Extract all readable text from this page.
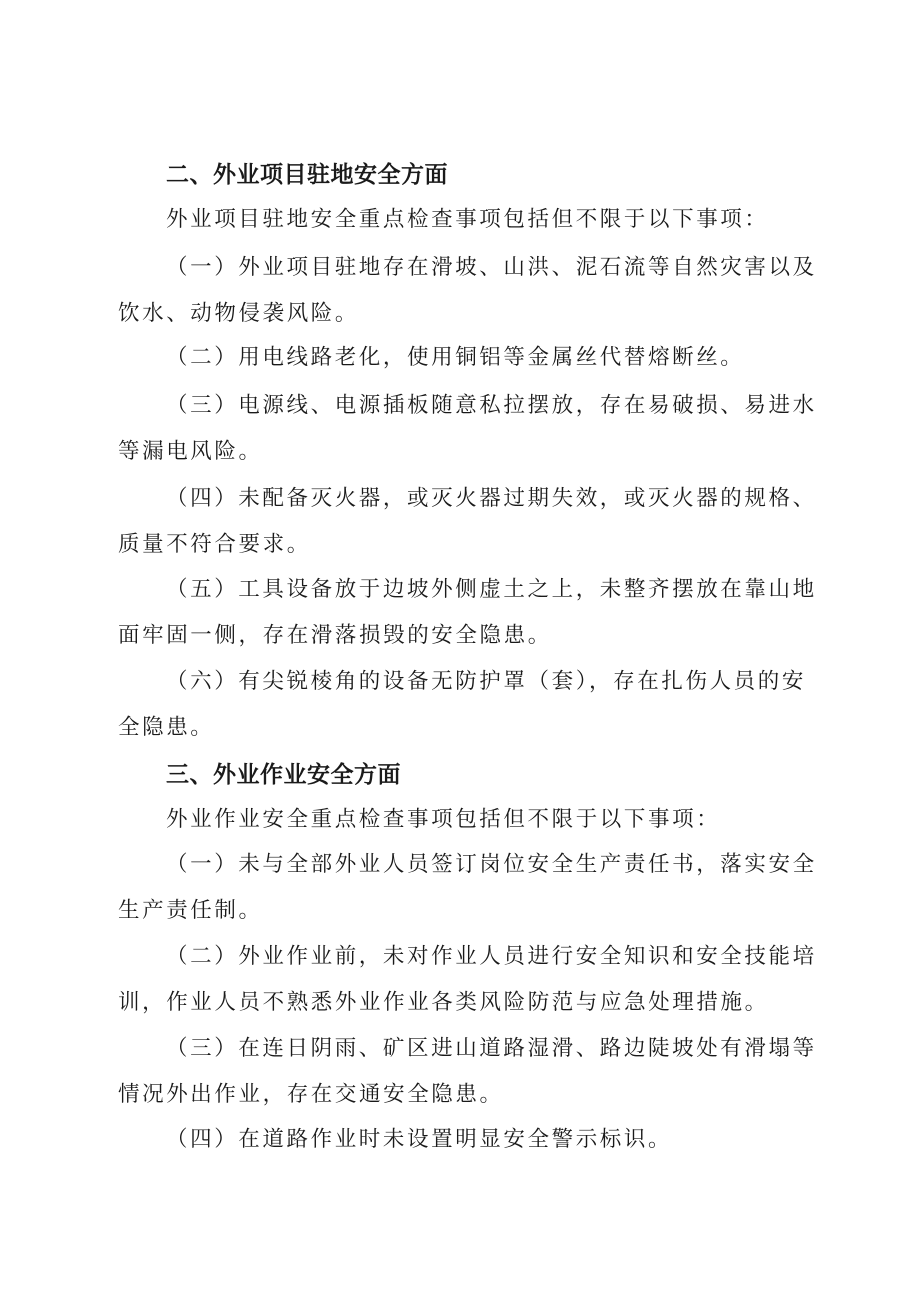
二、外业项目驻地安全方面
外业项目驻地安全重点检查事项包括但不限于以下事项：
（一）外业项目驻地存在滑坡、山洪、泥石流等自然灾害以及
饮水、动物侵袭风险。
（二）用电线路老化，使用铜铝等金属丝代替熔断丝。
（三）电源线、电源插板随意私拉摆放，存在易破损、易进水
等漏电风险。
（四）未配备灭火器，或灭火器过期失效，或灭火器的规格、
质量不符合要求。
（五）工具设备放于边坡外侧虚土之上，未整齐摆放在靠山地
面牢固一侧，存在滑落损毁的安全隐患。
（六）有尖锐棱角的设备无防护罩（套），存在扎伤人员的安
全隐患。
三、外业作业安全方面
外业作业安全重点检查事项包括但不限于以下事项：
（一）未与全部外业人员签订岗位安全生产责任书，落实安全
生产责任制。
（二）外业作业前，未对作业人员进行安全知识和安全技能培
训，作业人员不熟悉外业作业各类风险防范与应急处理措施。
（三）在连日阴雨、矿区进山道路湿滑、路边陡坡处有滑塌等
情况外出作业，存在交通安全隐患。
（四）在道路作业时未设置明显安全警示标识。
